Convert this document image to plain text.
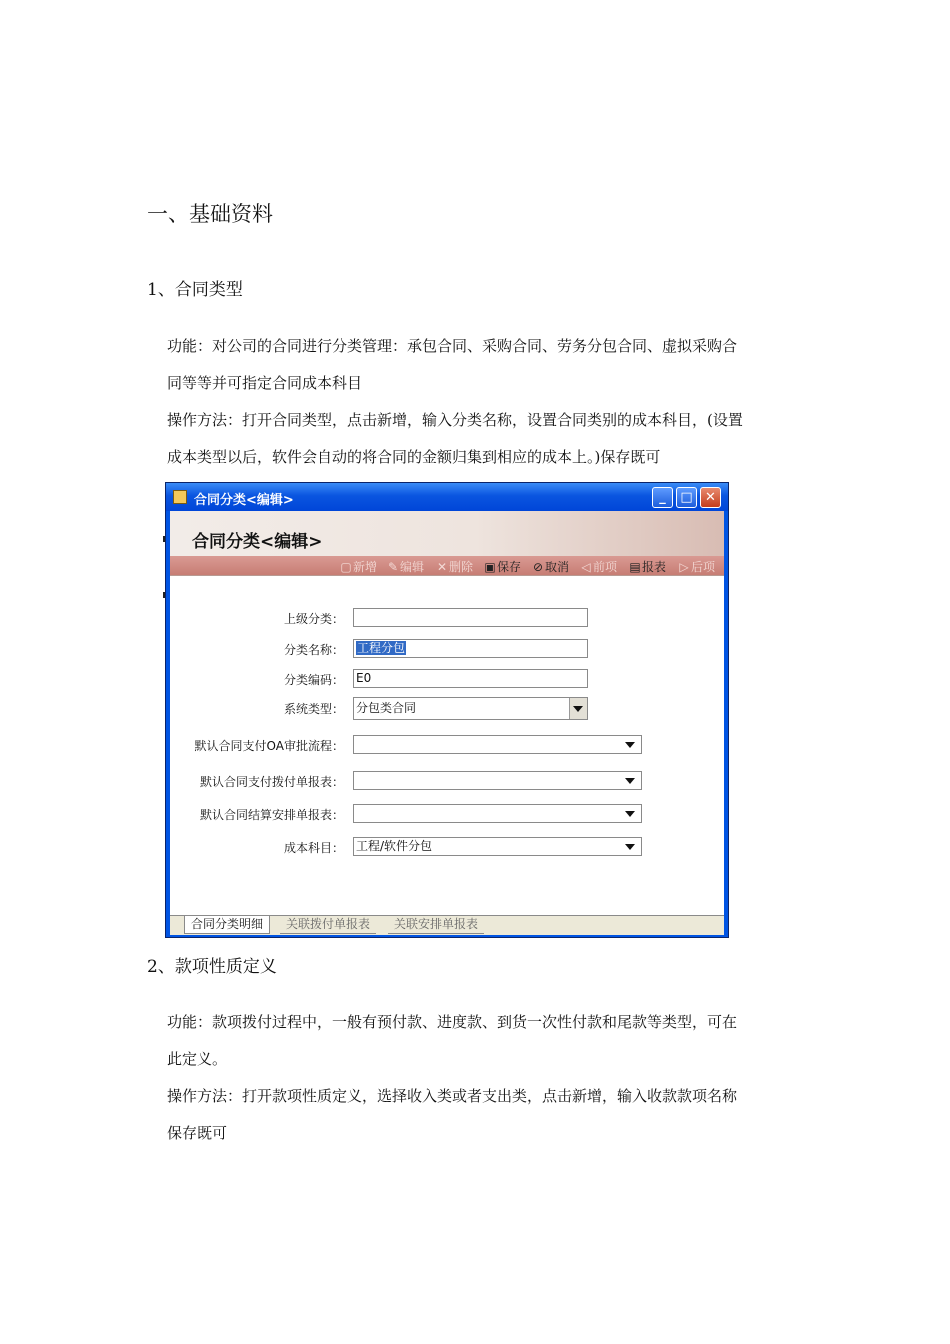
一、基础资料
1、合同类型
功能：对公司的合同进行分类管理：承包合同、采购合同、劳务分包合同、虚拟采购合
同等等并可指定合同成本科目
操作方法：打开合同类型，点击新增，输入分类名称，设置合同类别的成本科目，(设置
成本类型以后，软件会自动的将合同的金额归集到相应的成本上。)保存既可
合同分类<编辑>	_	□ ✕
合同分类<编辑>
▢新增 ✎ 编辑 ✕ 删除 ▣保存 ⊘ 取消 ◁ 前项 ▤报表 ▷ 后项
上级分类：
分类名称：	工程分包
分类编码： E0
系统类型： 分包类合同
默认合同支付OA审批流程：
默认合同支付拨付单报表：
默认合同结算安排单报表：
成本科目： 工程/软件分包
合同分类明细	关联拨付单报表	关联安排单报表
2、款项性质定义
功能：款项拨付过程中，一般有预付款、进度款、到货一次性付款和尾款等类型，可在
此定义。
操作方法：打开款项性质定义，选择收入类或者支出类，点击新增，输入收款款项名称
保存既可
